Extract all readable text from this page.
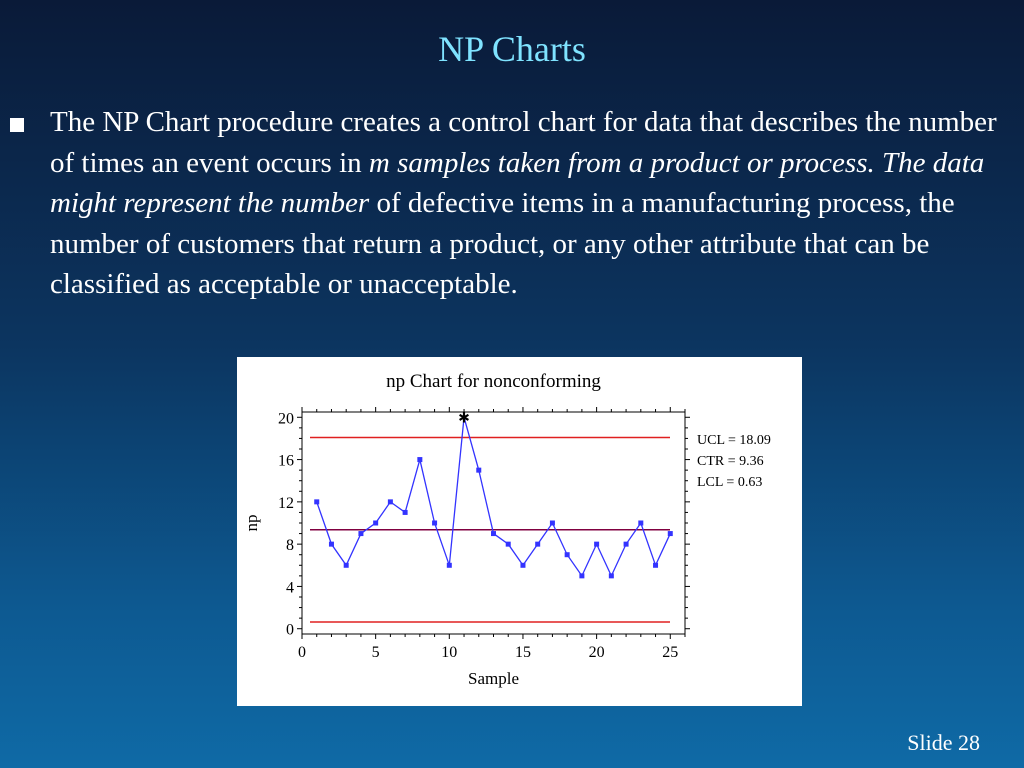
NP Charts

The NP Chart procedure creates a control chart for data that describes the number of times an event occurs in m samples taken from a product or process. The data might represent the number of defective items in a manufacturing process, the number of customers that return a product, or any other attribute that can be classified as acceptable or unacceptable.

np Chart for nonconforming
0
4
8
12
16
20
0	5	10	15	20	25
Sample
np
UCL = 18.09
CTR = 9.36
LCL = 0.63
✱
Slide 28
